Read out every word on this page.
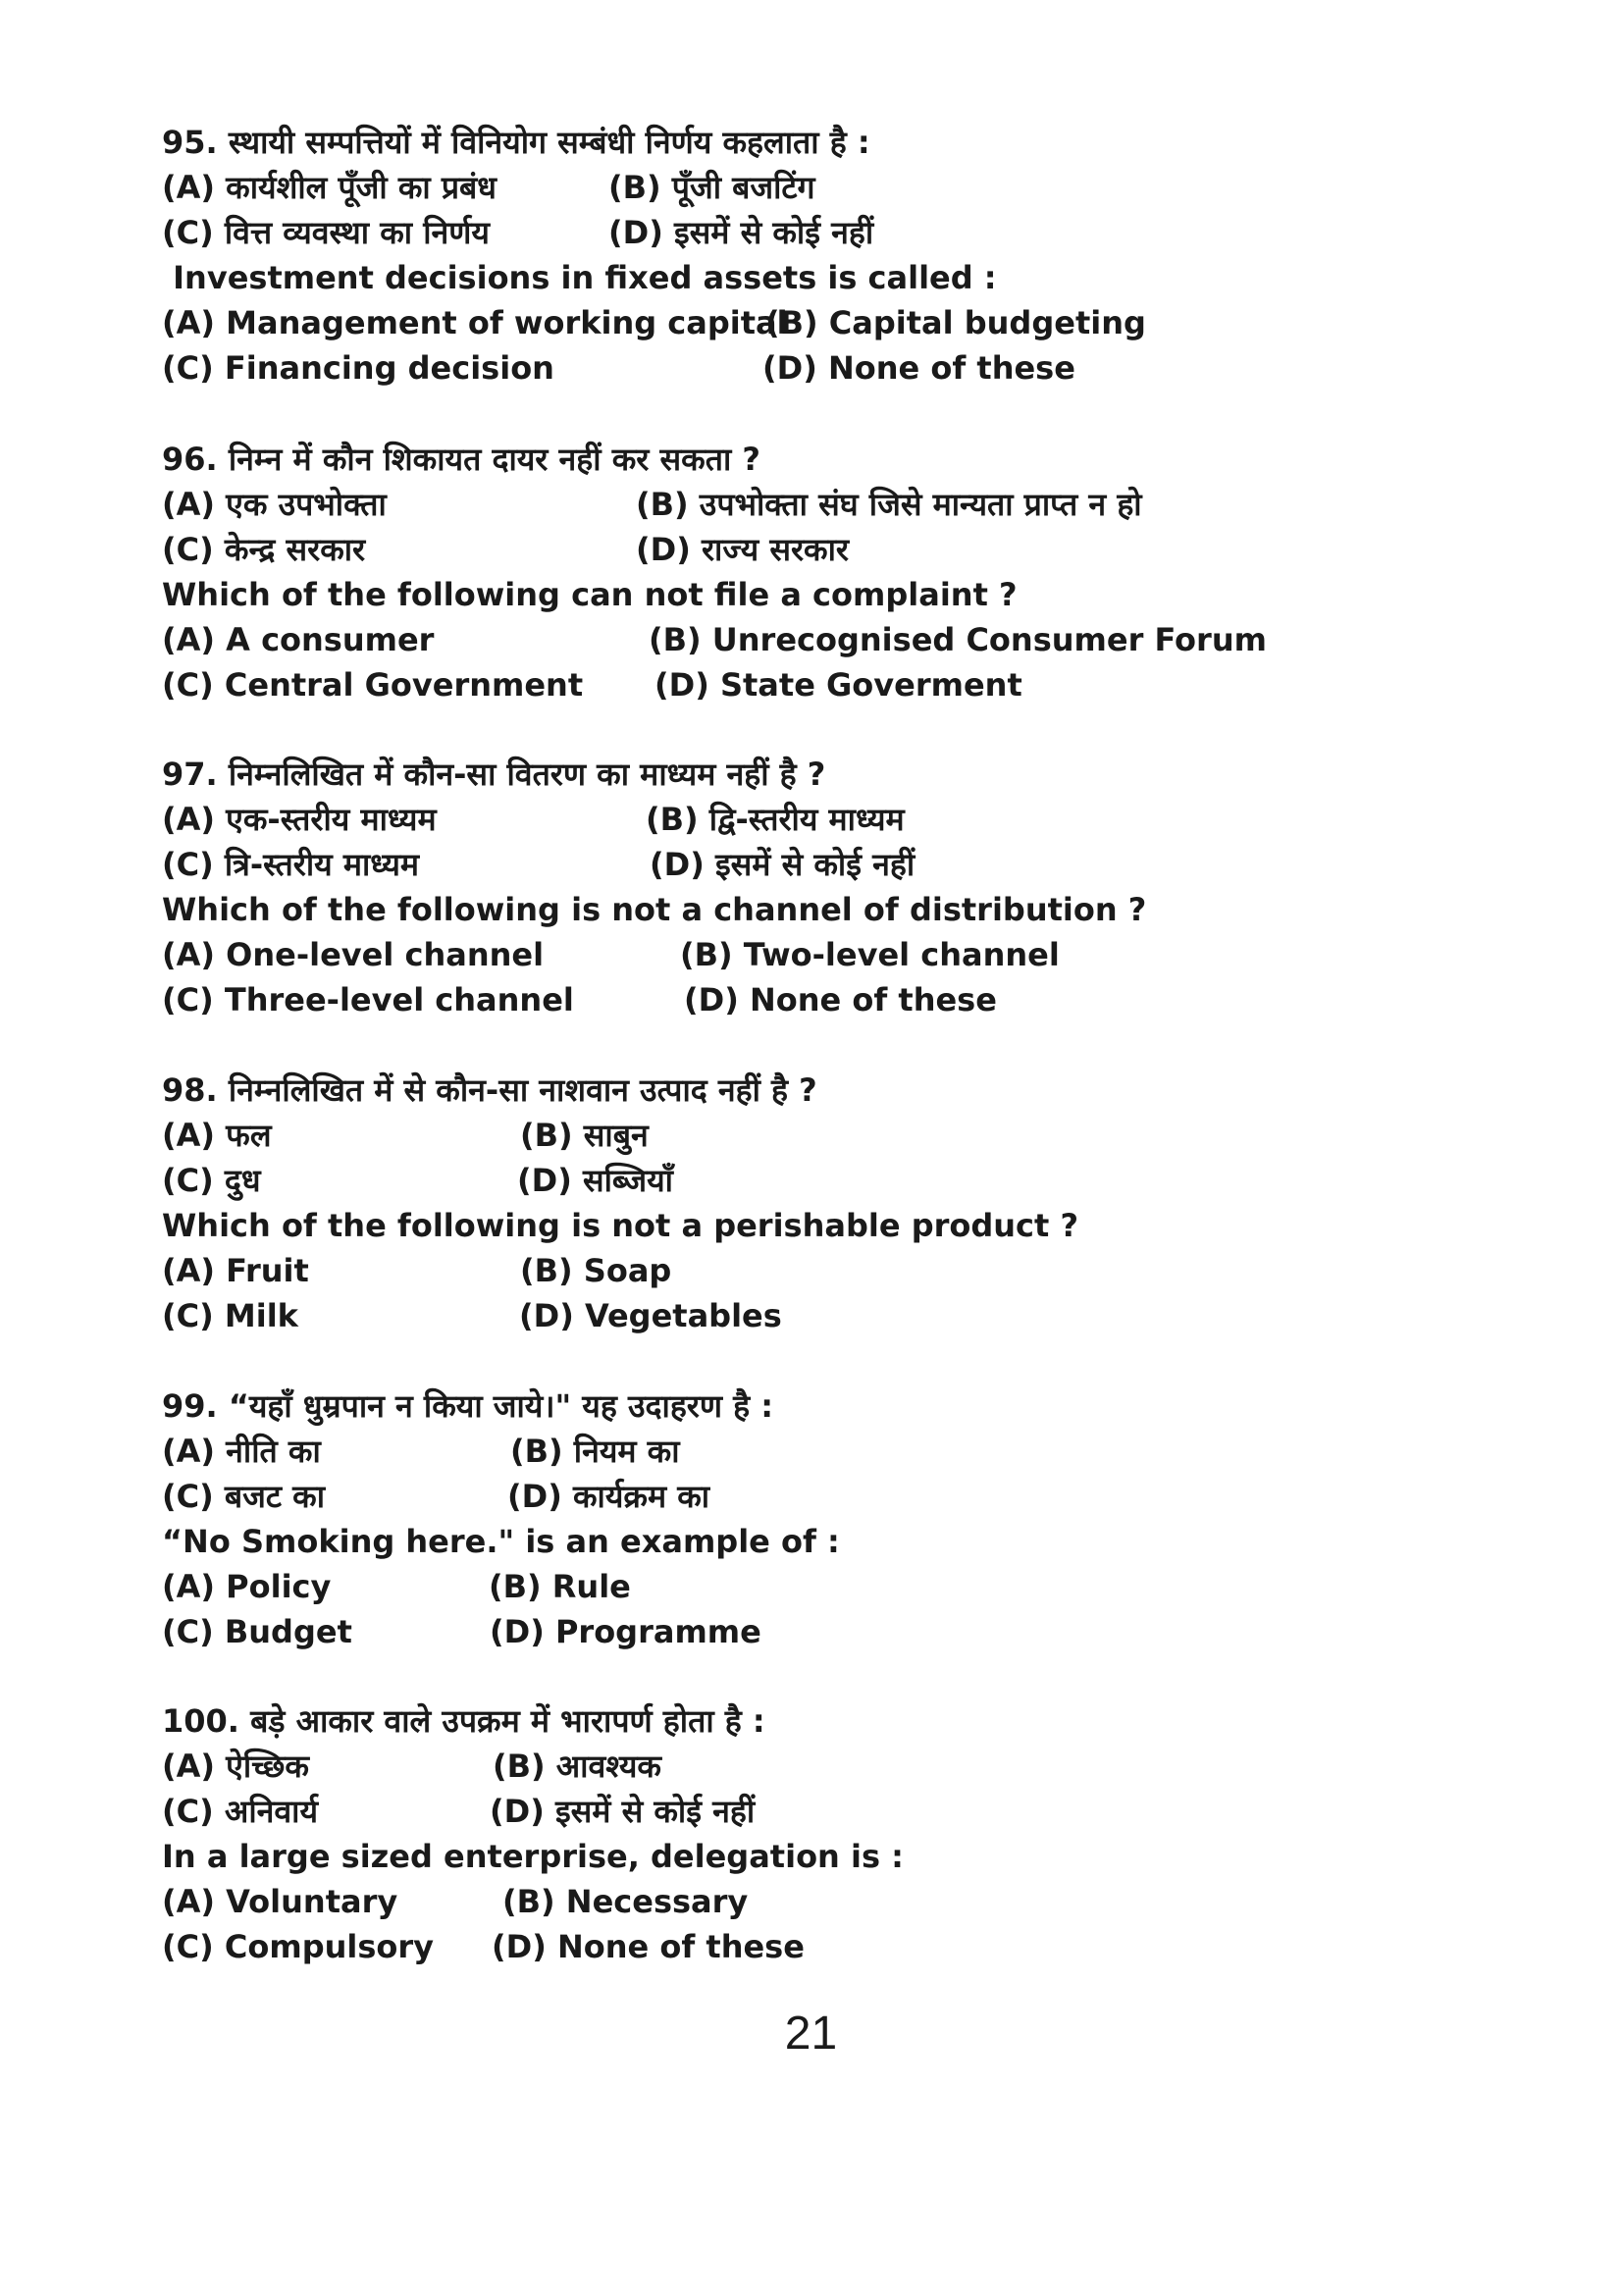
95. स्थायी सम्पत्तियों में विनियोग सम्बंधी निर्णय कहलाता है :
(A) कार्यशील पूँजी का प्रबंध	(B) पूँजी बजटिंग
(C) वित्त व्यवस्था का निर्णय	(D) इसमें से कोई नहीं
Investment decisions in fixed assets is called :
(A) Management of working capital
(B) Capital budgeting
(C) Financing decision	(D) None of these
96. निम्न में कौन शिकायत दायर नहीं कर सकता ?
(A) एक उपभोक्ता	(B) उपभोक्ता संघ जिसे मान्यता प्राप्त न हो
(C) केन्द्र सरकार	(D) राज्य सरकार
Which of the following can not file a complaint ?
(A) A consumer	(B) Unrecognised Consumer Forum
(C) Central Government (D) State Goverment
97. निम्नलिखित में कौन-सा वितरण का माध्यम नहीं है ?
(A) एक-स्तरीय माध्यम	(B) द्वि-स्तरीय माध्यम
(C) त्रि-स्तरीय माध्यम	(D) इसमें से कोई नहीं
Which of the following is not a channel of distribution ?
(A) One-level channel	(B) Two-level channel
(C) Three-level channel	(D) None of these
98. निम्नलिखित में से कौन-सा नाशवान उत्पाद नहीं है ?
(A) फल	(B) साबुन
(C) दुध	(D) सब्जियाँ
Which of the following is not a perishable product ?
(A) Fruit	(B) Soap
(C) Milk	(D) Vegetables
99. “यहाँ धुम्रपान न किया जाये।" यह उदाहरण है :
(A) नीति का	(B) नियम का
(C) बजट का	(D) कार्यक्रम का
“No Smoking here." is an example of :
(A) Policy	(B) Rule
(C) Budget	(D) Programme
100. बड़े आकार वाले उपक्रम में भारापर्ण होता है :
(A) ऐच्छिक	(B) आवश्यक
(C) अनिवार्य	(D) इसमें से कोई नहीं
In a large sized enterprise, delegation is :
(A) Voluntary	(B) Necessary
(C) Compulsory (D) None of these
21
